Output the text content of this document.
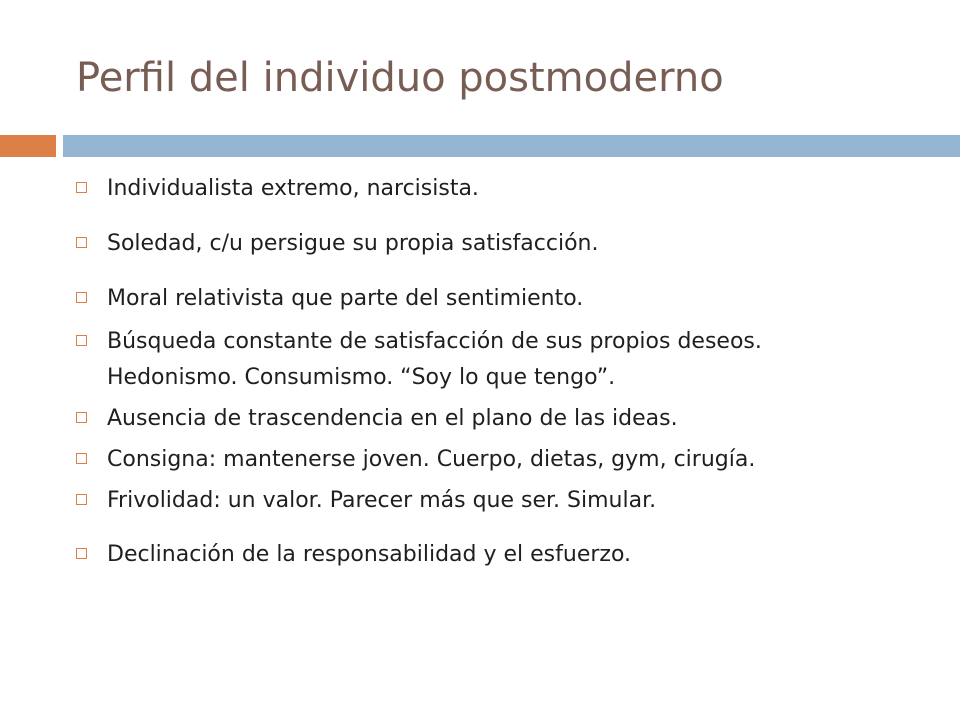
Perfil del individuo postmoderno
Individualista extremo, narcisista.
Soledad, c/u persigue su propia satisfacción.
Moral relativista que parte del sentimiento.
Búsqueda constante de satisfacción de sus propios deseos. Hedonismo. Consumismo. “Soy lo que tengo”.
Ausencia de trascendencia en el plano de las ideas.
Consigna: mantenerse joven. Cuerpo, dietas, gym, cirugía.
Frivolidad: un valor. Parecer más que ser. Simular.
Declinación de la responsabilidad y el esfuerzo.
